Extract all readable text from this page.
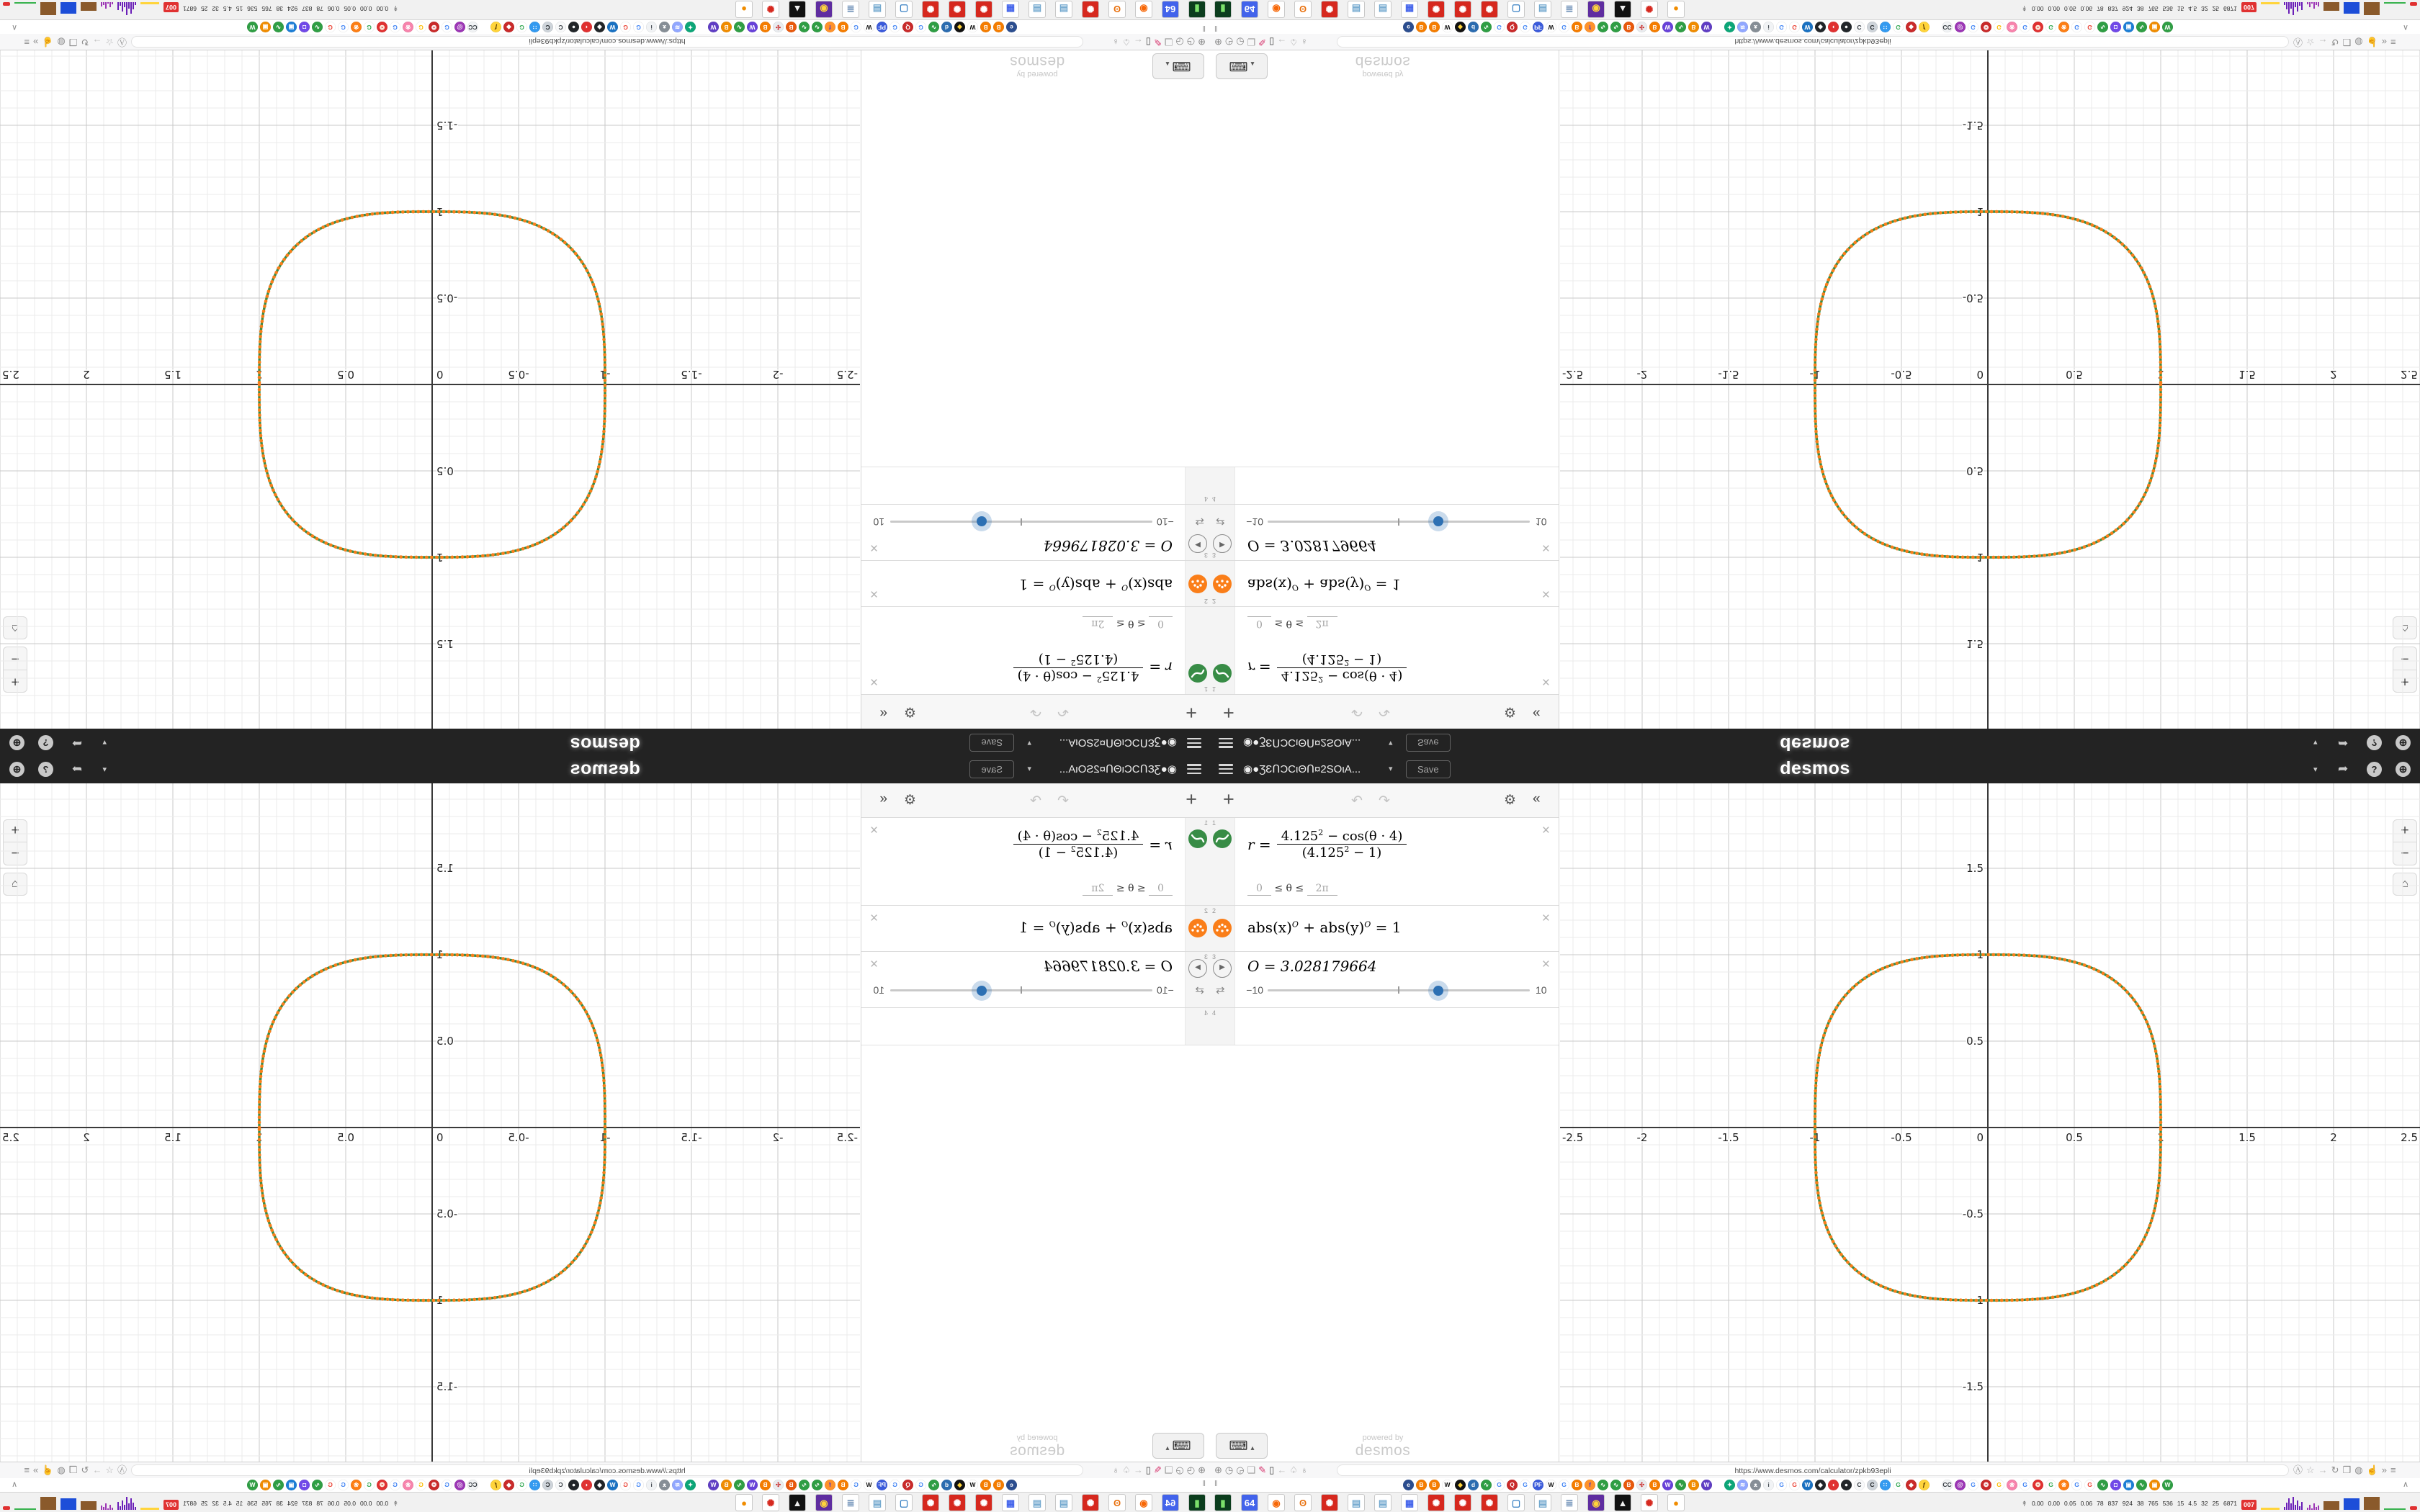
◉●ƷƐՈƆCιΘՈ¤2SOιA...
▾
Save
desmos
▾
➦
?
⊕
+
↶
↷
⚙
«
1
r =
$4.125^2 - \cos(\theta \cdot 4)$
$(4.125^2 - 1)$
0 ≤ θ ≤ 2π
×
2
$abs(x)^O + abs(y)^O = 1$
×
3
▶
⇄
O = 3.028179664
−10
10
×
4
⌨▴
powered by
desmos
+
−
⌂
-2.5
-2
-1.5
-1
-0.5
0
0.5
1
1.5
2
2.5
-1.5
-1
-0.5
0.5
1
1.5
⊕
◷
◶
❏
✎
▯
←
♤
♁
https://www.desmos.com/calculator/zpkb93epli
Ⓐ
☆
→
↻
❒
◍
☝
»
≡
‖
e
B
B
W
◆
d
∿
G
Q
G
PF
W
G
B
f
∿
∿
B
✣
B
W
∿
B
W
✦
≋
ᴥ
i
G
G
W
◆
◖
●
C
C
∷
G
◆
ƒ
CC
@
G
❂
G
❀
G
❂
G
❀
G
G
∿
◘
▣
∿
▣
W
∧
▮
64
◉
ʘ
✺
▤
▤
▦
✺
✺
✺
▢
▤
≣
◉
▲
✺
●
↟
0.00
0.00
0.05
0.06
78
837
924
38
765
536
15
4.5
32
25
6871
007
◉●ƷƐՈƆCιΘՈ¤2SOιA...	▾	Save	desmos	▾ ➦	?	⊕
+	↶	↷	⚙	«
1
$r = 4.125^2 - \cos(\theta \cdot 4)$
$(4.125^2 - 1)$
0 ≤ θ ≤ 2π
×
2
$abs(x)^O + abs(y)^O = 1$
×
3
▶
⇄
O = 3.028179664
−10	10
×
4
⌨ ▴
powered by
desmos
+
−
⌂
-2.5	-2	-1.5	-1	-0.5	0	0.5	1	1.5	2	2.5
-1.5
-1
-0.5
0.5
1
1.5
⊕ ◷ ◶ ❏ ✎ ▯ ← ♤ ♁	https://www.desmos.com/calculator/zpkb93epli	Ⓐ ☆ → ↻ ❒ ◍ ☝ » ≡
‖	e	B	B	W	◆	d	∿	G	Q	G	PF	W	G	B	f	∿	∿	B	✣	B	W	∿	B	W	✦	≋	ᴥ	i	G	G	W	◆	◖	●	C	C	∷	G	◆	ƒ	CC @	G	❂	G	❀	G	❂	G	❀	G	G	∿	◘	▣	∿	▣	W	∧
▮	64	◉	ʘ	✺	▤	▤	▦	✺	✺	✺	▢	▤	≣	◉	▲	✺	●	↟ 0.00 0.00 0.05 0.06 78 837 924 38 765 536 15 4.5 32 25 6871	007
◉●ƷƐՈƆCιΘՈ¤2SOιA...
▾
Save
desmos
▾
➦
?
⊕
+
↶
↷
⚙
«
1
r =
$\frac{4.125^2 - \cos(\theta \cdot 4)}{(4.125^2 - 1)}$
0 ≤ θ ≤ 2π
×
2
$abs(x)^O + abs(y)^O = 1$
×
3
▶
⇄
O = 3.028179664
−10
10
×
4
⌨▴
powered by
desmos
+
−
⌂
-2.5
-2
-1.5
-1
-0.5
0
0.5
1
1.5
2
2.5
-1.5
-1
-0.5
0.5
1
1.5
⊕
◷
◶
❏
✎
▯
←
♤
♁
https://www.desmos.com/calculator/zpkb93epli
Ⓐ
☆
→
↻
❒
◍
☝
»
≡
‖
e
B
B
W
◆
d
∿
G
Q
G
PF
W
G
B
f
∿
∿
B
✣
B
W
∿
B
W
✦
≋
ᴥ
i
G
G
W
◆
◖
●
C
C
∷
G
◆
ƒ
CC
@
G
❂
G
❀
G
❂
G
❀
G
G
∿
◘
▣
∿
▣
W
∧
▮
64
◉
ʘ
✺
▤
▤
▦
✺
✺
✺
▢
▤
≣
◉
▲
✺
●
↟
0.00
0.00
0.05
0.06
78
837
924
38
765
536
15
4.5
32
25
6871
007
◉●ƷƐՈƆCιΘՈ¤2SOιA...	▾	Save	desmos	▾ ➦	?	⊕
+	↶	↷	⚙	«
1
$r = \frac{4.125^2 - \cos(\theta \cdot 4)}{(4.125^2 - 1)}$
0 ≤ θ ≤ 2π
×
2
$abs(x)^O + abs(y)^O = 1$
×
3
▶
⇄
O = 3.028179664
−10	10
×
4
⌨ ▴
powered by
desmos
+
−
⌂
-2.5	-2	-1.5	-1	-0.5	0	0.5	1	1.5	2	2.5
-1.5
-1
-0.5
0.5
1
1.5
⊕ ◷ ◶ ❏ ✎ ▯ ← ♤ ♁	https://www.desmos.com/calculator/zpkb93epli	Ⓐ ☆ → ↻ ❒ ◍ ☝ » ≡
‖	e	B	B	W	◆	d	∿	G	Q	G	PF	W	G	B	f	∿	∿	B	✣	B	W	∿	B	W	✦	≋	ᴥ	i	G	G	W	◆	◖	●	C	C	∷	G	◆	ƒ	CC @	G	❂	G	❀	G	❂	G	❀	G	G	∿	◘	▣	∿	▣	W	∧
▮	64	◉	ʘ	✺	▤	▤	▦	✺	✺	✺	▢	▤	≣	◉	▲	✺	●	↟ 0.00 0.00 0.05 0.06 78 837 924 38 765 536 15 4.5 32 25 6871	007
